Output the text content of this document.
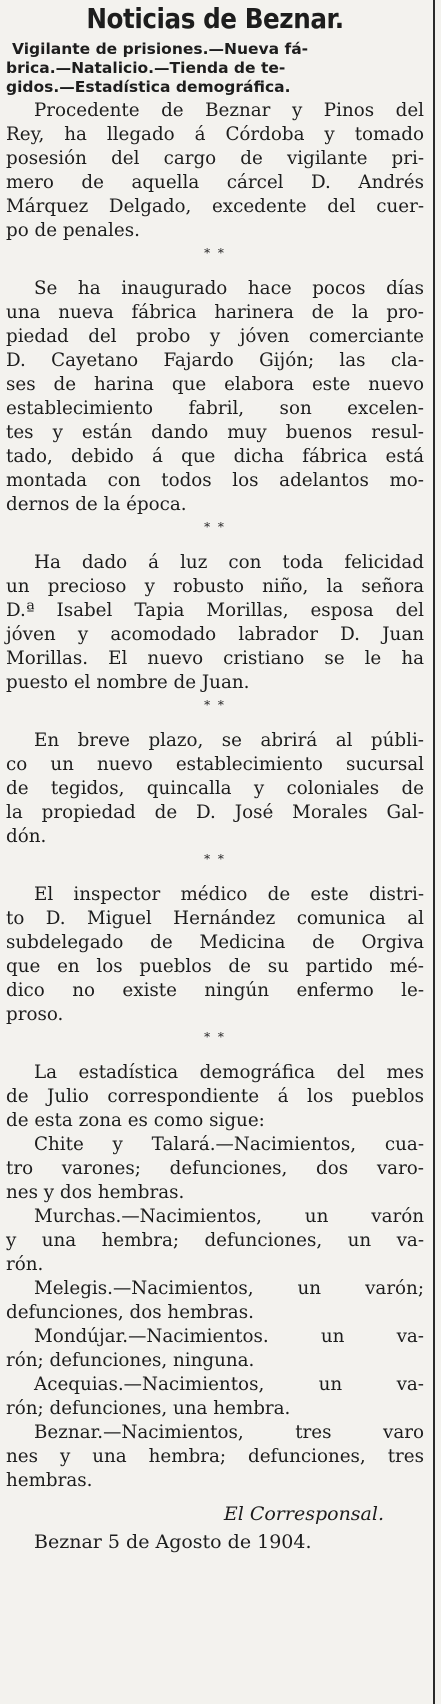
Noticias de Beznar.
Vigilante de prisiones.—Nueva fá-
brica.—Natalicio.—Tienda de te-
gidos.—Estadística demográfica.
Procedente de Beznar y Pinos del
Rey, ha llegado á Córdoba y tomado
posesión del cargo de vigilante pri-
mero de aquella cárcel D. Andrés
Márquez Delgado, excedente del cuer-
po de penales.
* *
Se ha inaugurado hace pocos días
una nueva fábrica harinera de la pro-
piedad del probo y jóven comerciante
D. Cayetano Fajardo Gijón; las cla-
ses de harina que elabora este nuevo
establecimiento fabril, son excelen-
tes y están dando muy buenos resul-
tado, debido á que dicha fábrica está
montada con todos los adelantos mo-
dernos de la época.
* *
Ha dado á luz con toda felicidad
un precioso y robusto niño, la señora
D.ª Isabel Tapia Morillas, esposa del
jóven y acomodado labrador D. Juan
Morillas. El nuevo cristiano se le ha
puesto el nombre de Juan.
* *
En breve plazo, se abrirá al públi-
co un nuevo establecimiento sucursal
de tegidos, quincalla y coloniales de
la propiedad de D. José Morales Gal-
dón.
* *
El inspector médico de este distri-
to D. Miguel Hernández comunica al
subdelegado de Medicina de Orgiva
que en los pueblos de su partido mé-
dico no existe ningún enfermo le-
proso.
* *
La estadística demográfica del mes
de Julio correspondiente á los pueblos
de esta zona es como sigue:
Chite y Talará.—Nacimientos, cua-
tro varones; defunciones, dos varo-
nes y dos hembras.
Murchas.—Nacimientos, un varón
y una hembra; defunciones, un va-
rón.
Melegis.—Nacimientos, un varón;
defunciones, dos hembras.
Mondújar.—Nacimientos. un va-
rón; defunciones, ninguna.
Acequias.—Nacimientos, un va-
rón; defunciones, una hembra.
Beznar.—Nacimientos, tres varo
nes y una hembra; defunciones, tres
hembras.
El Corresponsal.
Beznar 5 de Agosto de 1904.
